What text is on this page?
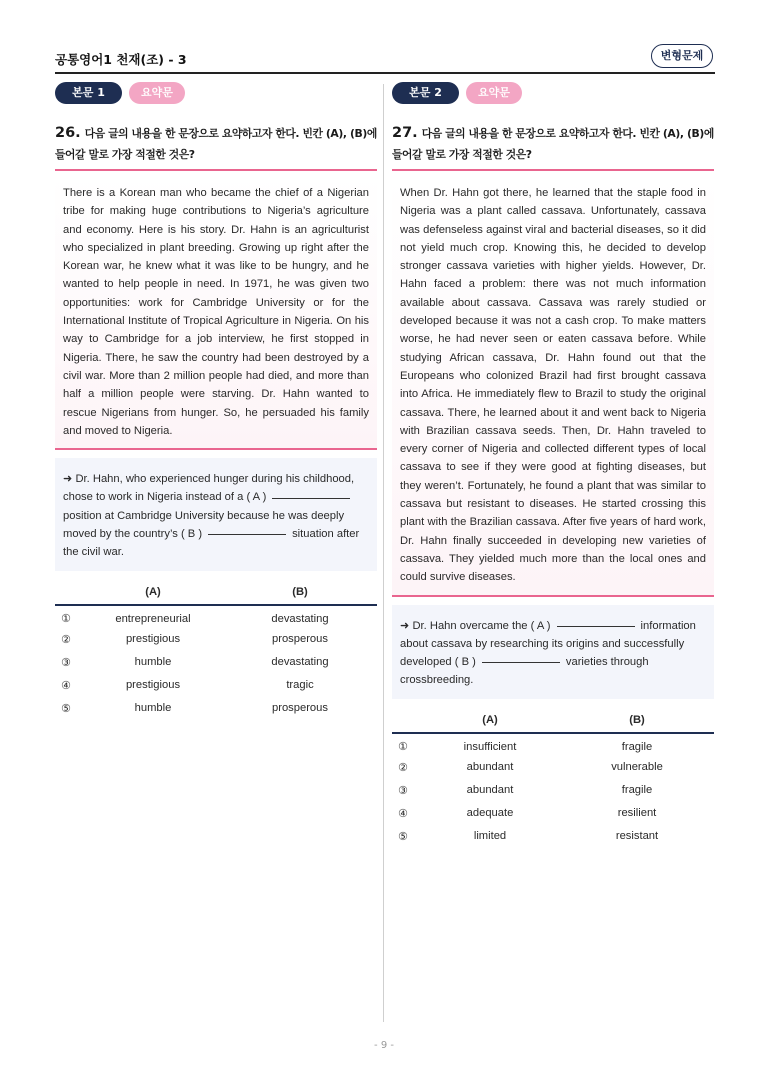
공통영어1 천재(조) - 3	변형문제
본문 1	요약문
26. 다음 글의 내용을 한 문장으로 요약하고자 한다. 빈칸 (A), (B)에 들어갈 말로 가장 적절한 것은?
There is a Korean man who became the chief of a Nigerian tribe for making huge contributions to Nigeria’s agriculture and economy. Here is his story. Dr. Hahn is an agriculturist who specialized in plant breeding. Growing up right after the Korean war, he knew what it was like to be hungry, and he wanted to help people in need. In 1971, he was given two opportunities: work for Cambridge University or for the International Institute of Tropical Agriculture in Nigeria. On his way to Cambridge for a job interview, he first stopped in Nigeria. There, he saw the country had been destroyed by a civil war. More than 2 million people had died, and more than half a million people were starving. Dr. Hahn wanted to rescue Nigerians from hunger. So, he persuaded his family and moved to Nigeria.
➜ Dr. Hahn, who experienced hunger during his childhood, chose to work in Nigeria instead of a ( A )position at Cambridge University because he was deeply moved by the country’s ( B )	situation after the civil war.
	(A)	(B)
①	entrepreneurial	devastating
②	prestigious	prosperous
③	humble	devastating
④	prestigious	tragic
⑤	humble	prosperous
본문 2	요약문
27. 다음 글의 내용을 한 문장으로 요약하고자 한다. 빈칸 (A), (B)에 들어갈 말로 가장 적절한 것은?
When Dr. Hahn got there, he learned that the staple food in Nigeria was a plant called cassava. Unfortunately, cassava was defenseless against viral and bacterial diseases, so it did not yield much crop. Knowing this, he decided to develop stronger cassava varieties with higher yields. However, Dr. Hahn faced a problem: there was not much information available about cassava. Cassava was rarely studied or developed because it was not a cash crop. To make matters worse, he had never seen or eaten cassava before. While studying African cassava, Dr. Hahn found out that the Europeans who colonized Brazil had first brought cassava into Africa. He immediately flew to Brazil to study the original cassava. There, he learned about it and went back to Nigeria with Brazilian cassava seeds. Then, Dr. Hahn traveled to every corner of Nigeria and collected different types of local cassava to see if they were good at fighting diseases, but they weren’t. Fortunately, he found a plant that was similar to cassava but resistant to diseases. He started crossing this plant with the Brazilian cassava. After five years of hard work, Dr. Hahn finally succeeded in developing new varieties of cassava. They yielded much more than the local ones and could survive diseases.
➜ Dr. Hahn overcame the ( A )	information about cassava by researching its origins and successfully developed ( B )	varieties through crossbreeding.
	(A)	(B)
①	insufficient	fragile
②	abundant	vulnerable
③	abundant	fragile
④	adequate	resilient
⑤	limited	resistant
- 9 -
